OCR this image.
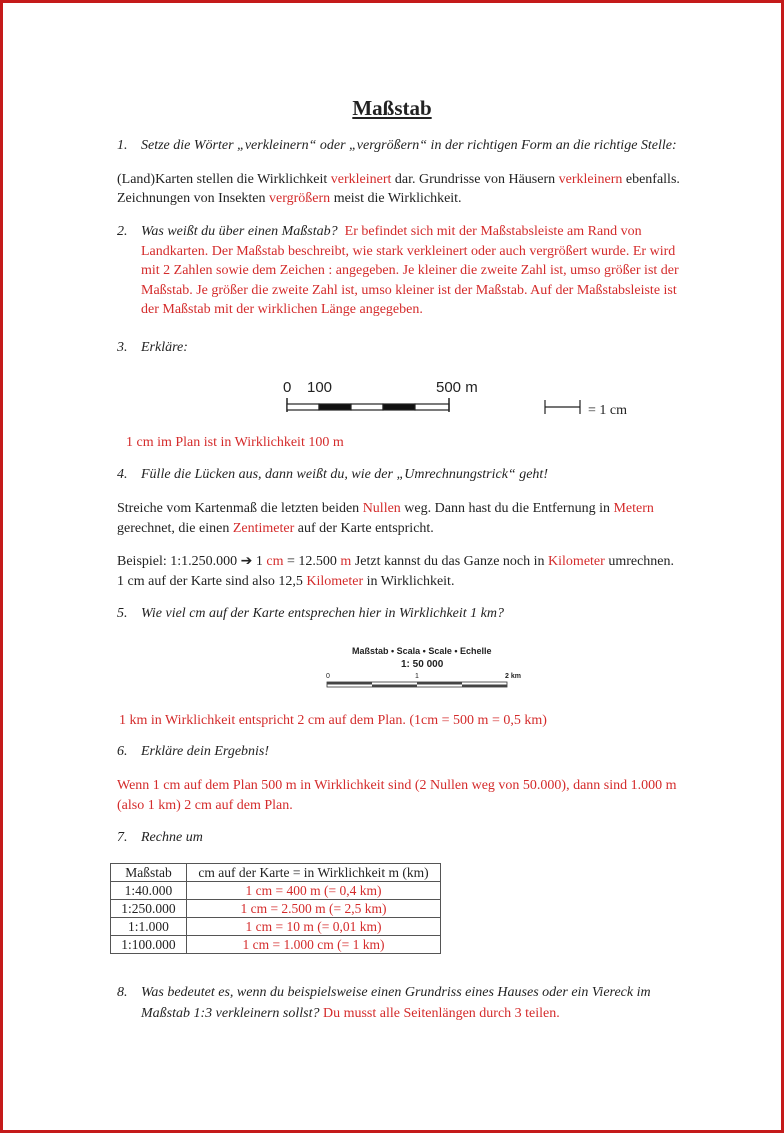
Maßstab
1. Setze die Wörter „verkleinern“ oder „vergrößern“ in der richtigen Form an die richtige Stelle:
(Land)Karten stellen die Wirklichkeit verkleinert dar. Grundrisse von Häusern verkleinern ebenfalls.
Zeichnungen von Insekten vergrößern meist die Wirklichkeit.
2. Was weißt du über einen Maßstab? Er befindet sich mit der Maßstabsleiste am Rand von
Landkarten. Der Maßstab beschreibt, wie stark verkleinert oder auch vergrößert wurde. Er wird
mit 2 Zahlen sowie dem Zeichen : angegeben. Je kleiner die zweite Zahl ist, umso größer ist der
Maßstab. Je größer die zweite Zahl ist, umso kleiner ist der Maßstab. Auf der Maßstabsleiste ist
der Maßstab mit der wirklichen Länge angegeben.
3. Erkläre:
0 100	500 m
= 1 cm
1 cm im Plan ist in Wirklichkeit 100 m
4. Fülle die Lücken aus, dann weißt du, wie der „Umrechnungstrick“ geht!
Streiche vom Kartenmaß die letzten beiden Nullen weg. Dann hast du die Entfernung in Metern
gerechnet, die einen Zentimeter auf der Karte entspricht.
Beispiel: 1:1.250.000 ➔ 1 cm = 12.500 m Jetzt kannst du das Ganze noch in Kilometer umrechnen.
1 cm auf der Karte sind also 12,5 Kilometer in Wirklichkeit.
5. Wie viel cm auf der Karte entsprechen hier in Wirklichkeit 1 km?
Maßstab • Scala • Scale • Echelle
1: 50 000
0	1	2 km
1 km in Wirklichkeit entspricht 2 cm auf dem Plan. (1cm = 500 m = 0,5 km)
6. Erkläre dein Ergebnis!
Wenn 1 cm auf dem Plan 500 m in Wirklichkeit sind (2 Nullen weg von 50.000), dann sind 1.000 m
(also 1 km) 2 cm auf dem Plan.
7. Rechne um
Maßstab	cm auf der Karte = in Wirklichkeit m (km)
1:40.000	1 cm = 400 m (= 0,4 km)
1:250.000	1 cm = 2.500 m (= 2,5 km)
1:1.000	1 cm = 10 m (= 0,01 km)
1:100.000	1 cm = 1.000 cm (= 1 km)
8. Was bedeutet es, wenn du beispielsweise einen Grundriss eines Hauses oder ein Viereck im
Maßstab 1:3 verkleinern sollst? Du musst alle Seitenlängen durch 3 teilen.
